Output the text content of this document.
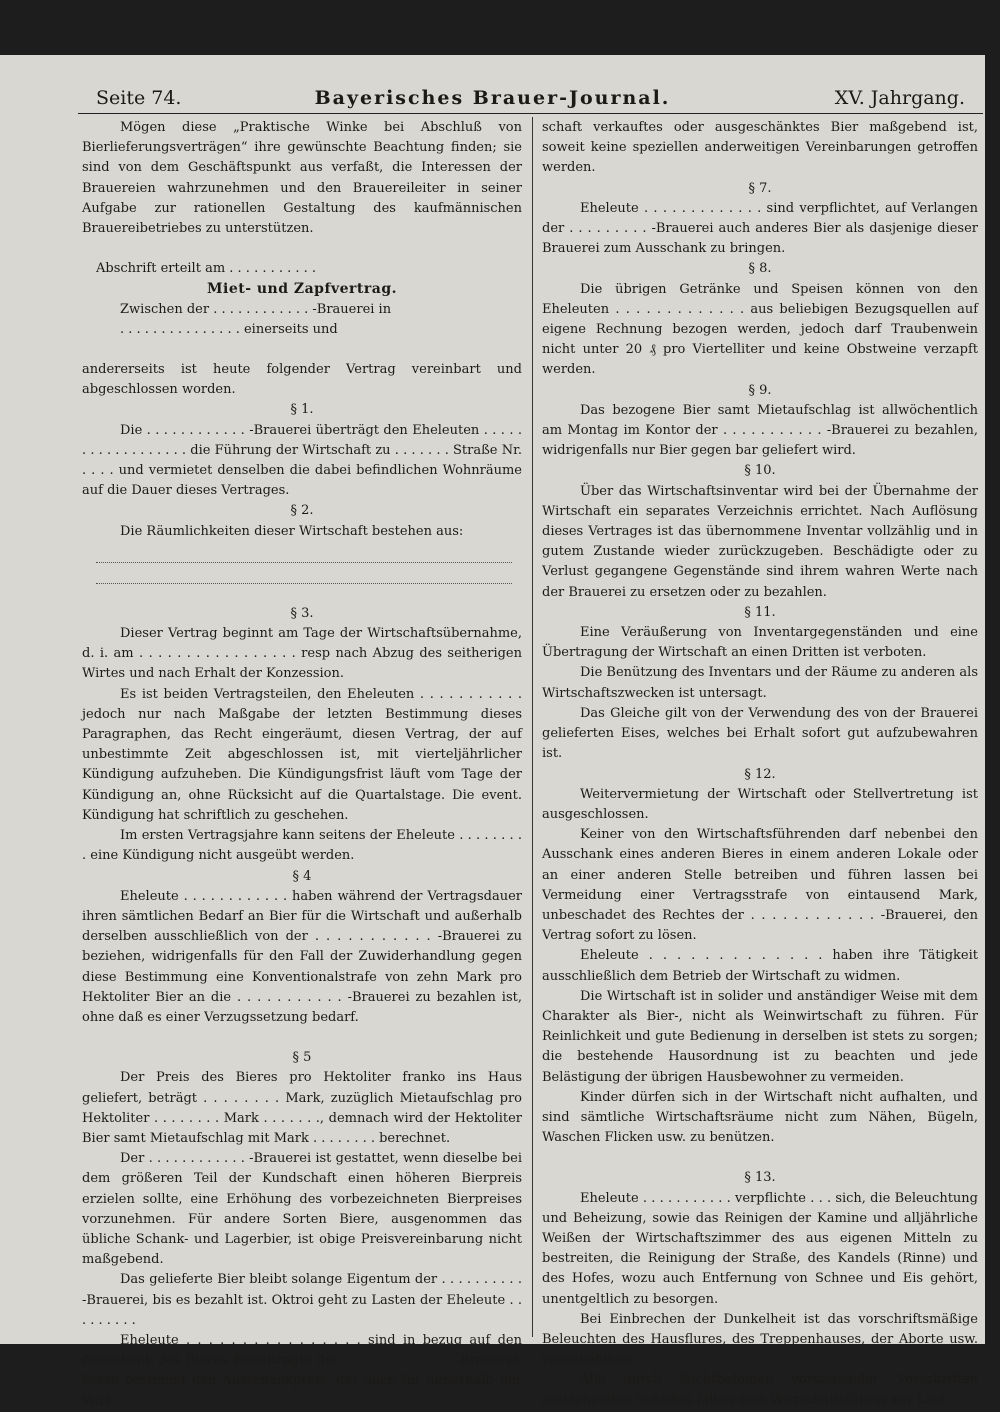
Seite 74.	Bayerisches Brauer-Journal.	XV. Jahrgang.

Mögen diese „Praktische Winke bei Abschluß von Bierlieferungsverträgen“ ihre gewünschte Beachtung finden; sie sind von dem Geschäftspunkt aus verfaßt, die Interessen der Brauereien wahrzunehmen und den Brauereileiter in seiner Aufgabe zur rationellen Gestaltung des kaufmännischen Brauereibetriebes zu unterstützen.

Abschrift erteilt am . . . . . . . . . . .

Miet- und Zapfvertrag.

Zwischen der . . . . . . . . . . . . -Brauerei in

. . . . . . . . . . . . . . . einerseits und

andererseits ist heute folgender Vertrag vereinbart und abgeschlossen worden.

§ 1.

Die . . . . . . . . . . . . -Brauerei überträgt den Eheleuten . . . . . . . . . . . . . . . . . . die Führung der Wirtschaft zu . . . . . . . Straße Nr. . . . . und vermietet denselben die dabei befindlichen Wohnräume auf die Dauer dieses Vertrages.

§ 2.

Die Räumlichkeiten dieser Wirtschaft bestehen aus:

§ 3.

Dieser Vertrag beginnt am Tage der Wirtschaftsübernahme, d. i. am . . . . . . . . . . . . . . . . . resp nach Abzug des seitherigen Wirtes und nach Erhalt der Konzession.

Es ist beiden Vertragsteilen, den Eheleuten . . . . . . . . . . . jedoch nur nach Maßgabe der letzten Bestimmung dieses Paragraphen, das Recht eingeräumt, diesen Vertrag, der auf unbestimmte Zeit abgeschlossen ist, mit vierteljährlicher Kündigung aufzuheben. Die Kündigungsfrist läuft vom Tage der Kündigung an, ohne Rücksicht auf die Quartalstage. Die event. Kündigung hat schriftlich zu geschehen.

Im ersten Vertragsjahre kann seitens der Eheleute . . . . . . . . . eine Kündigung nicht ausgeübt werden.

§ 4

Eheleute . . . . . . . . . . . . haben während der Vertragsdauer ihren sämtlichen Bedarf an Bier für die Wirtschaft und außerhalb derselben ausschließlich von der . . . . . . . . . . . -Brauerei zu beziehen, widrigenfalls für den Fall der Zuwiderhandlung gegen diese Bestimmung eine Konventionalstrafe von zehn Mark pro Hektoliter Bier an die . . . . . . . . . . . -Brauerei zu bezahlen ist, ohne daß es einer Verzugssetzung bedarf.

§ 5

Der Preis des Bieres pro Hektoliter franko ins Haus geliefert, beträgt . . . . . . . . Mark, zuzüglich Mietaufschlag pro Hektoliter . . . . . . . . Mark . . . . . . ., demnach wird der Hektoliter Bier samt Mietaufschlag mit Mark . . . . . . . . berechnet.

Der . . . . . . . . . . . . -Brauerei ist gestattet, wenn dieselbe bei dem größeren Teil der Kundschaft einen höheren Bierpreis erzielen sollte, eine Erhöhung des vorbezeichneten Bierpreises vorzunehmen. Für andere Sorten Biere, ausgenommen das übliche Schank- und Lagerbier, ist obige Preisvereinbarung nicht maßgebend.

Das gelieferte Bier bleibt solange Eigentum der . . . . . . . . . . -Brauerei, bis es bezahlt ist. Oktroi geht zu Lasten der Eheleute . . . . . . . . .

Eheleute . . . . . . . . . . . . . . . . sind in bezug auf den Ausschank des Bieres Beauftragte der . . . . . . . . . . . . -Brauerei. Diese bestimmt den Ausschankpreis, der auch für außerhalb der Wirt-

schaft verkauftes oder ausgeschänktes Bier maßgebend ist, soweit keine speziellen anderweitigen Vereinbarungen getroffen werden.

§ 7.

Eheleute . . . . . . . . . . . . . sind verpflichtet, auf Verlangen der . . . . . . . . . -Brauerei auch anderes Bier als dasjenige dieser Brauerei zum Ausschank zu bringen.

§ 8.

Die übrigen Getränke und Speisen können von den Eheleuten . . . . . . . . . . . . . aus beliebigen Bezugsquellen auf eigene Rechnung bezogen werden, jedoch darf Traubenwein nicht unter 20 ₰ pro Viertelliter und keine Obstweine verzapft werden.

§ 9.

Das bezogene Bier samt Mietaufschlag ist allwöchentlich am Montag im Kontor der . . . . . . . . . . . -Brauerei zu bezahlen, widrigenfalls nur Bier gegen bar geliefert wird.

§ 10.

Über das Wirtschaftsinventar wird bei der Übernahme der Wirtschaft ein separates Verzeichnis errichtet. Nach Auflösung dieses Vertrages ist das übernommene Inventar vollzählig und in gutem Zustande wieder zurückzugeben. Beschädigte oder zu Verlust gegangene Gegenstände sind ihrem wahren Werte nach der Brauerei zu ersetzen oder zu bezahlen.

§ 11.

Eine Veräußerung von Inventargegenständen und eine Übertragung der Wirtschaft an einen Dritten ist verboten.

Die Benützung des Inventars und der Räume zu anderen als Wirtschaftszwecken ist untersagt.

Das Gleiche gilt von der Verwendung des von der Brauerei gelieferten Eises, welches bei Erhalt sofort gut aufzubewahren ist.

§ 12.

Weitervermietung der Wirtschaft oder Stellvertretung ist ausgeschlossen.

Keiner von den Wirtschaftsführenden darf nebenbei den Ausschank eines anderen Bieres in einem anderen Lokale oder an einer anderen Stelle betreiben und führen lassen bei Vermeidung einer Vertragsstrafe von eintausend Mark, unbeschadet des Rechtes der . . . . . . . . . . . . -Brauerei, den Vertrag sofort zu lösen.

Eheleute . . . . . . . . . . . . . haben ihre Tätigkeit ausschließlich dem Betrieb der Wirtschaft zu widmen.

Die Wirtschaft ist in solider und anständiger Weise mit dem Charakter als Bier-, nicht als Weinwirtschaft zu führen. Für Reinlichkeit und gute Bedienung in derselben ist stets zu sorgen; die bestehende Hausordnung ist zu beachten und jede Belästigung der übrigen Hausbewohner zu vermeiden.

Kinder dürfen sich in der Wirtschaft nicht aufhalten, und sind sämtliche Wirtschaftsräume nicht zum Nähen, Bügeln, Waschen Flicken usw. zu benützen.

§ 13.

Eheleute . . . . . . . . . . . verpflichte . . . sich, die Beleuchtung und Beheizung, sowie das Reinigen der Kamine und alljährliche Weißen der Wirtschaftszimmer des aus eigenen Mitteln zu bestreiten, die Reinigung der Straße, des Kandels (Rinne) und des Hofes, wozu auch Entfernung von Schnee und Eis gehört, unentgeltlich zu besorgen.

Bei Einbrechen der Dunkelheit ist das vorschriftsmäßige Beleuchten des Hausflures, des Treppenhauses, der Aborte usw. vorzunehmen.

Alle durch Nichtbefolgen vorstehender Vorschriften entstehenden Schäden fallen dem Wirtschaftsführer zur Last.
